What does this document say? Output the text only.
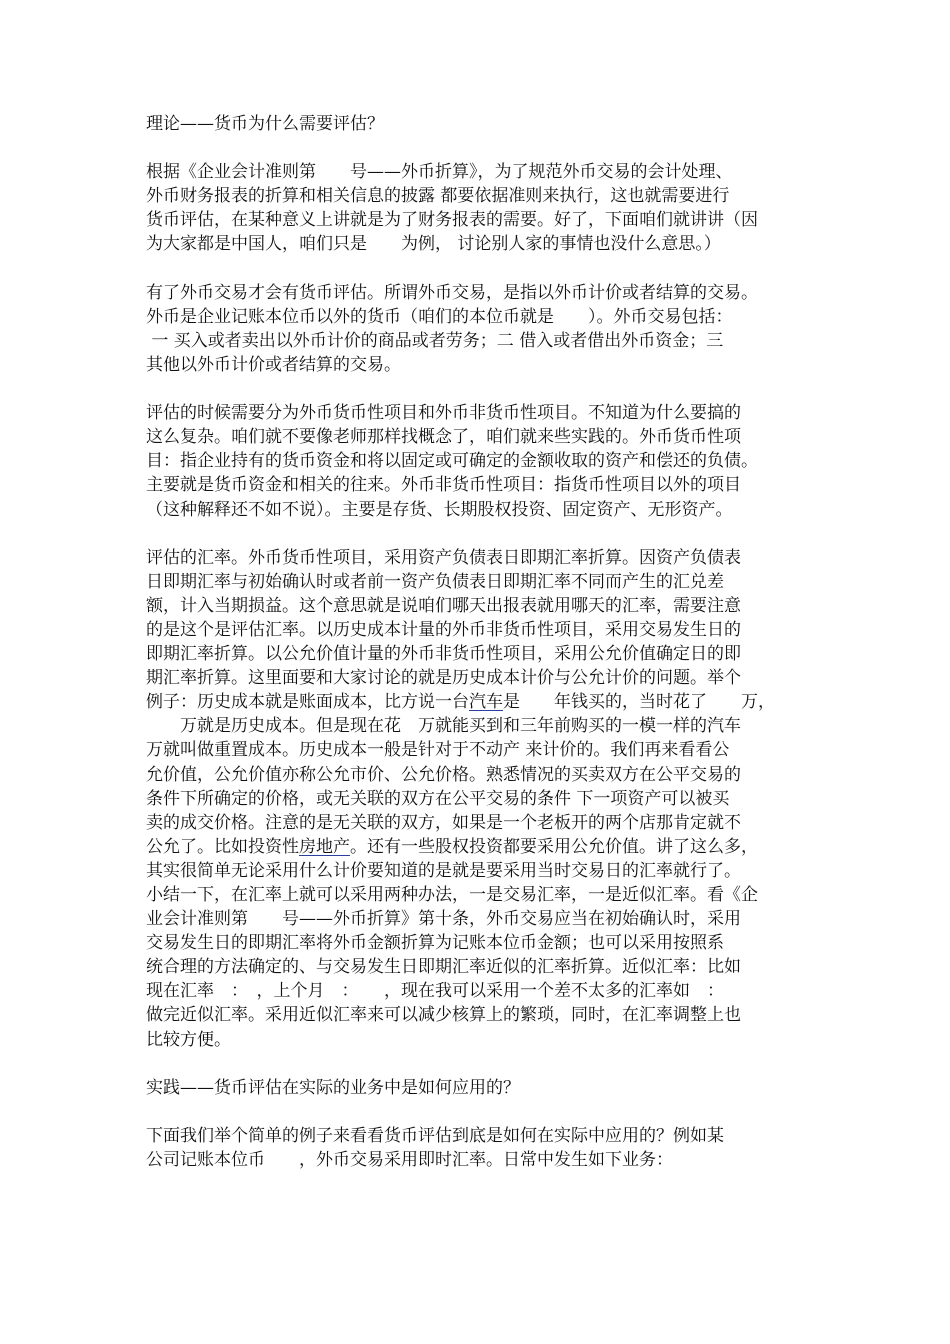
理论——货币为什么需要评估？
根据《企业会计准则第　　号——外币折算》，为了规范外币交易的会计处理、
外币财务报表的折算和相关信息的披露 都要依据准则来执行，这也就需要进行
货币评估，在某种意义上讲就是为了财务报表的需要。好了，下面咱们就讲讲（因
为大家都是中国人，咱们只是　　为例， 讨论别人家的事情也没什么意思。）
有了外币交易才会有货币评估。所谓外币交易，是指以外币计价或者结算的交易。
外币是企业记账本位币以外的货币（咱们的本位币就是　　）。外币交易包括：
一 买入或者卖出以外币计价的商品或者劳务；二 借入或者借出外币资金；三
其他以外币计价或者结算的交易。
评估的时候需要分为外币货币性项目和外币非货币性项目。不知道为什么要搞的
这么复杂。咱们就不要像老师那样找概念了，咱们就来些实践的。外币货币性项
目：指企业持有的货币资金和将以固定或可确定的金额收取的资产和偿还的负债。
主要就是货币资金和相关的往来。外币非货币性项目：指货币性项目以外的项目
（这种解释还不如不说）。主要是存货、长期股权投资、固定资产、无形资产。
评估的汇率。外币货币性项目，采用资产负债表日即期汇率折算。因资产负债表
日即期汇率与初始确认时或者前一资产负债表日即期汇率不同而产生的汇兑差
额，计入当期损益。这个意思就是说咱们哪天出报表就用哪天的汇率，需要注意
的是这个是评估汇率。以历史成本计量的外币非货币性项目，采用交易发生日的
即期汇率折算。以公允价值计量的外币非货币性项目，采用公允价值确定日的即
期汇率折算。这里面要和大家讨论的就是历史成本计价与公允计价的问题。举个
例子：历史成本就是账面成本，比方说一台汽车是　　年钱买的，当时花了　　万，
　　万就是历史成本。但是现在花　万就能买到和三年前购买的一模一样的汽车
万就叫做重置成本。历史成本一般是针对于不动产 来计价的。我们再来看看公
允价值，公允价值亦称公允市价、公允价格。熟悉情况的买卖双方在公平交易的
条件下所确定的价格，或无关联的双方在公平交易的条件 下一项资产可以被买
卖的成交价格。注意的是无关联的双方，如果是一个老板开的两个店那肯定就不
公允了。比如投资性房地产。还有一些股权投资都要采用公允价值。讲了这么多，
其实很简单无论采用什么计价要知道的是就是要采用当时交易日的汇率就行了。
小结一下，在汇率上就可以采用两种办法，一是交易汇率，一是近似汇率。看《企
业会计准则第　　号——外币折算》第十条，外币交易应当在初始确认时，采用
交易发生日的即期汇率将外币金额折算为记账本位币金额；也可以采用按照系
统合理的方法确定的、与交易发生日即期汇率近似的汇率折算。近似汇率：比如
现在汇率　：　，上个月　：　　，现在我可以采用一个差不太多的汇率如　：
做完近似汇率。采用近似汇率来可以减少核算上的繁琐，同时，在汇率调整上也
比较方便。
实践——货币评估在实际的业务中是如何应用的？
下面我们举个简单的例子来看看货币评估到底是如何在实际中应用的？例如某
公司记账本位币　　，外币交易采用即时汇率。日常中发生如下业务：
